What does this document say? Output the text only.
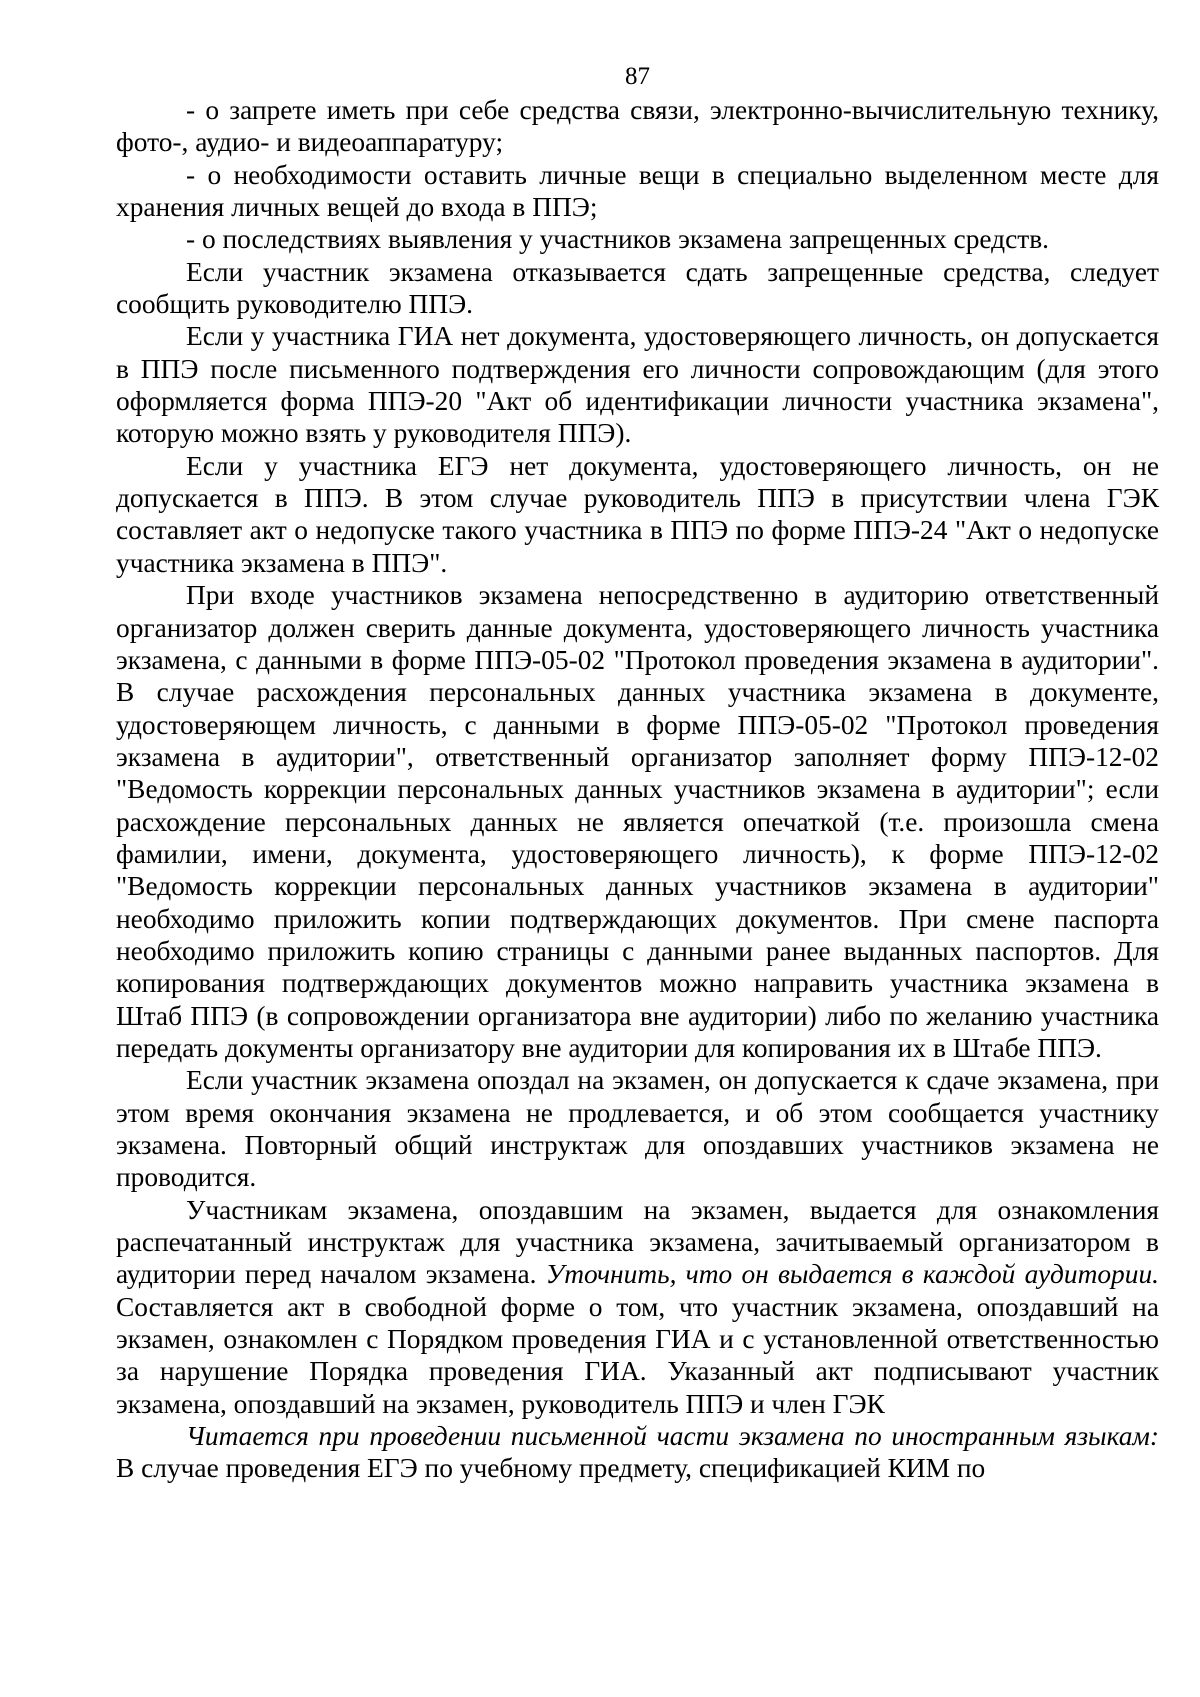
87

- о запрете иметь при себе средства связи, электронно-вычислительную технику, фото-, аудио- и видеоаппаратуру;

- о необходимости оставить личные вещи в специально выделенном месте для хранения личных вещей до входа в ППЭ;

- о последствиях выявления у участников экзамена запрещенных средств.

Если участник экзамена отказывается сдать запрещенные средства, следует сообщить руководителю ППЭ.

Если у участника ГИА нет документа, удостоверяющего личность, он допускается в ППЭ после письменного подтверждения его личности сопровождающим (для этого оформляется форма ППЭ-20 "Акт об идентификации личности участника экзамена", которую можно взять у руководителя ППЭ).

Если у участника ЕГЭ нет документа, удостоверяющего личность, он не допускается в ППЭ. В этом случае руководитель ППЭ в присутствии члена ГЭК составляет акт о недопуске такого участника в ППЭ по форме ППЭ-24 "Акт о недопуске участника экзамена в ППЭ".

При входе участников экзамена непосредственно в аудиторию ответственный организатор должен сверить данные документа, удостоверяющего личность участника экзамена, с данными в форме ППЭ-05-02 "Протокол проведения экзамена в аудитории". В случае расхождения персональных данных участника экзамена в документе, удостоверяющем личность, с данными в форме ППЭ-05-02 "Протокол проведения экзамена в аудитории", ответственный организатор заполняет форму ППЭ-12-02 "Ведомость коррекции персональных данных участников экзамена в аудитории"; если расхождение персональных данных не является опечаткой (т.е. произошла смена фамилии, имени, документа, удостоверяющего личность), к форме ППЭ-12-02 "Ведомость коррекции персональных данных участников экзамена в аудитории" необходимо приложить копии подтверждающих документов. При смене паспорта необходимо приложить копию страницы с данными ранее выданных паспортов. Для копирования подтверждающих документов можно направить участника экзамена в Штаб ППЭ (в сопровождении организатора вне аудитории) либо по желанию участника передать документы организатору вне аудитории для копирования их в Штабе ППЭ.

Если участник экзамена опоздал на экзамен, он допускается к сдаче экзамена, при этом время окончания экзамена не продлевается, и об этом сообщается участнику экзамена. Повторный общий инструктаж для опоздавших участников экзамена не проводится.

Участникам экзамена, опоздавшим на экзамен, выдается для ознакомления распечатанный инструктаж для участника экзамена, зачитываемый организатором в аудитории перед началом экзамена. Уточнить, что он выдается в каждой аудитории. Составляется акт в свободной форме о том, что участник экзамена, опоздавший на экзамен, ознакомлен с Порядком проведения ГИА и с установленной ответственностью за нарушение Порядка проведения ГИА. Указанный акт подписывают участник экзамена, опоздавший на экзамен, руководитель ППЭ и член ГЭК

Читается при проведении письменной части экзамена по иностранным языкам: В случае проведения ЕГЭ по учебному предмету, спецификацией КИМ по
